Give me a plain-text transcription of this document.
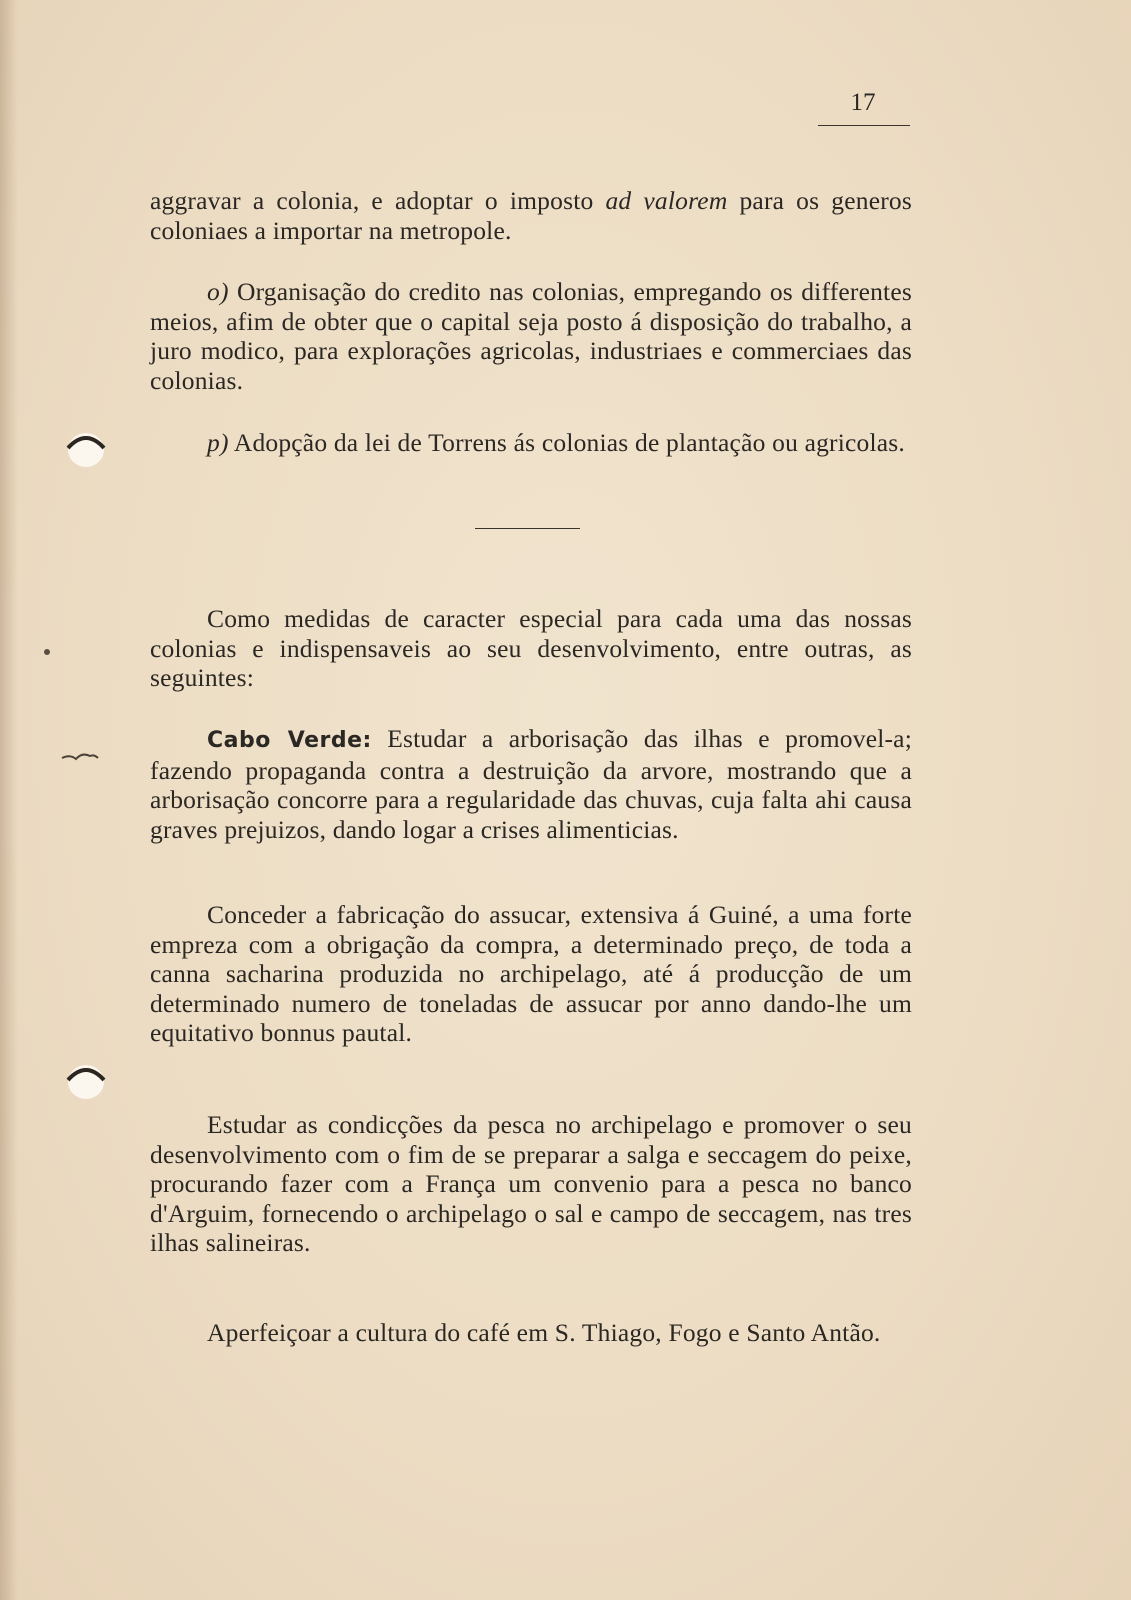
17
aggravar a colonia, e adoptar o imposto ad valorem para os generos coloniaes a importar na metropole.
o) Organisação do credito nas colonias, empregando os differentes meios, afim de obter que o capital seja posto á disposição do trabalho, a juro modico, para explorações agricolas, industriaes e commerciaes das colonias.
p) Adopção da lei de Torrens ás colonias de plantação ou agricolas.
Como medidas de caracter especial para cada uma das nossas colonias e indispensaveis ao seu desenvolvimento, entre outras, as seguintes:
Cabo Verde: Estudar a arborisação das ilhas e promovel-a; fazendo propaganda contra a destruição da arvore, mostrando que a arborisação concorre para a regularidade das chuvas, cuja falta ahi causa graves prejuizos, dando logar a crises alimenticias.
Conceder a fabricação do assucar, extensiva á Guiné, a uma forte empreza com a obrigação da compra, a determinado preço, de toda a canna sacharina produzida no archipelago, até á producção de um determinado numero de toneladas de assucar por anno dando-lhe um equitativo bonnus pautal.
Estudar as condicções da pesca no archipelago e promover o seu desenvolvimento com o fim de se preparar a salga e seccagem do peixe, procurando fazer com a França um convenio para a pesca no banco d'Arguim, fornecendo o archipelago o sal e campo de seccagem, nas tres ilhas salineiras.
Aperfeiçoar a cultura do café em S. Thiago, Fogo e Santo Antão.
